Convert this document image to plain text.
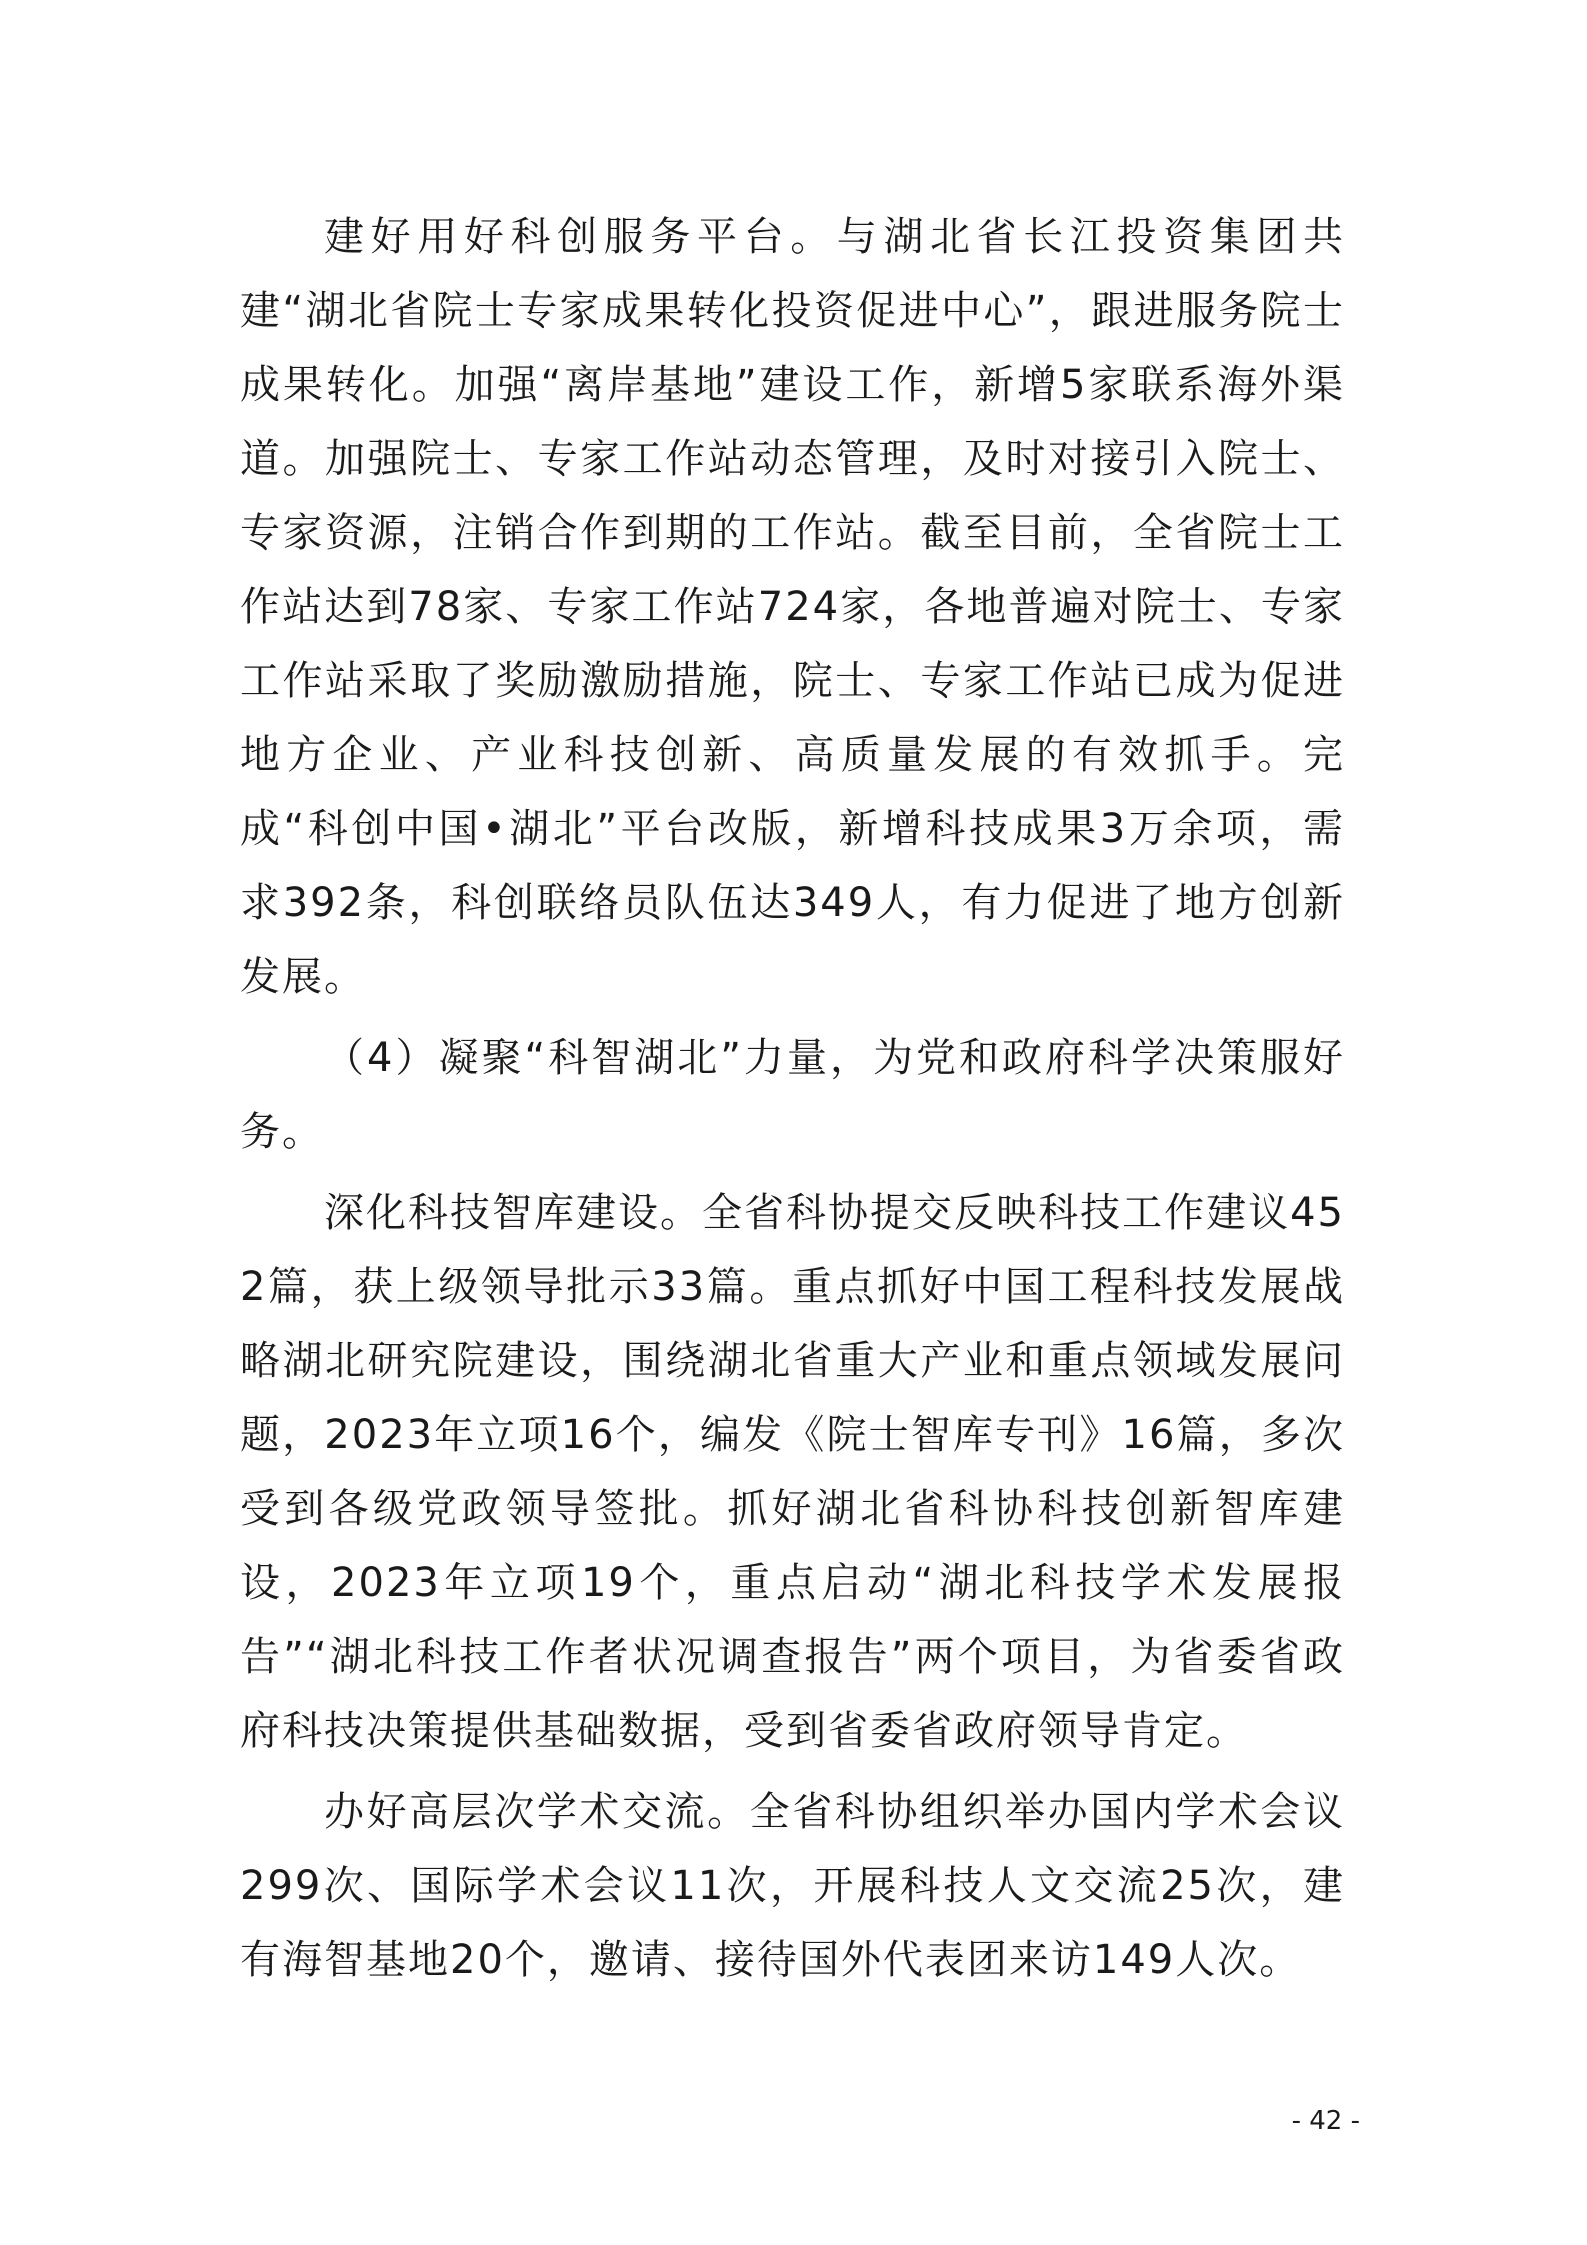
建好用好科创服务平台。与湖北省长江投资集团共建“湖北省院士专家成果转化投资促进中心”，跟进服务院士成果转化。加强“离岸基地”建设工作，新增5家联系海外渠道。加强院士、专家工作站动态管理，及时对接引入院士、专家资源，注销合作到期的工作站。截至目前，全省院士工作站达到78家、专家工作站724家，各地普遍对院士、专家工作站采取了奖励激励措施，院士、专家工作站已成为促进地方企业、产业科技创新、高质量发展的有效抓手。完成“科创中国•湖北”平台改版，新增科技成果3万余项，需求392条，科创联络员队伍达349人，有力促进了地方创新发展。

（4）凝聚“科智湖北”力量，为党和政府科学决策服好务。

深化科技智库建设。全省科协提交反映科技工作建议452篇，获上级领导批示33篇。重点抓好中国工程科技发展战略湖北研究院建设，围绕湖北省重大产业和重点领域发展问题，2023年立项16个，编发《院士智库专刊》16篇，多次受到各级党政领导签批。抓好湖北省科协科技创新智库建设，2023年立项19个，重点启动“湖北科技学术发展报告”“湖北科技工作者状况调查报告”两个项目，为省委省政府科技决策提供基础数据，受到省委省政府领导肯定。

办好高层次学术交流。全省科协组织举办国内学术会议299次、国际学术会议11次，开展科技人文交流25次，建有海智基地20个，邀请、接待国外代表团来访149人次。

- 42 -
